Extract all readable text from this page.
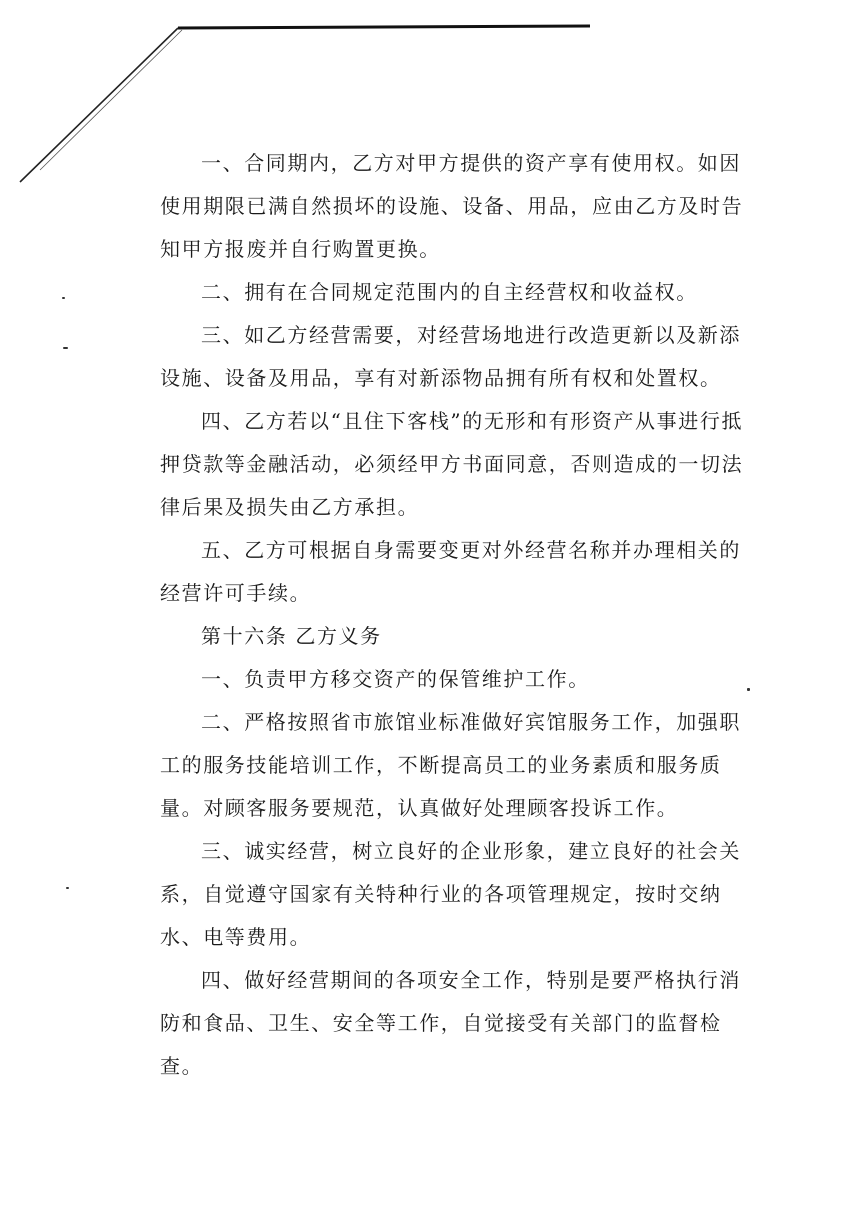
一、合同期内，乙方对甲方提供的资产享有使用权。如因使用期限已满自然损坏的设施、设备、用品，应由乙方及时告知甲方报废并自行购置更换。

二、拥有在合同规定范围内的自主经营权和收益权。

三、如乙方经营需要，对经营场地进行改造更新以及新添设施、设备及用品，享有对新添物品拥有所有权和处置权。

四、乙方若以“且住下客栈”的无形和有形资产从事进行抵押贷款等金融活动，必须经甲方书面同意，否则造成的一切法律后果及损失由乙方承担。

五、乙方可根据自身需要变更对外经营名称并办理相关的经营许可手续。

第十六条 乙方义务

一、负责甲方移交资产的保管维护工作。

二、严格按照省市旅馆业标准做好宾馆服务工作，加强职工的服务技能培训工作，不断提高员工的业务素质和服务质量。对顾客服务要规范，认真做好处理顾客投诉工作。

三、诚实经营，树立良好的企业形象，建立良好的社会关系，自觉遵守国家有关特种行业的各项管理规定，按时交纳水、电等费用。

四、做好经营期间的各项安全工作，特别是要严格执行消防和食品、卫生、安全等工作，自觉接受有关部门的监督检查。
